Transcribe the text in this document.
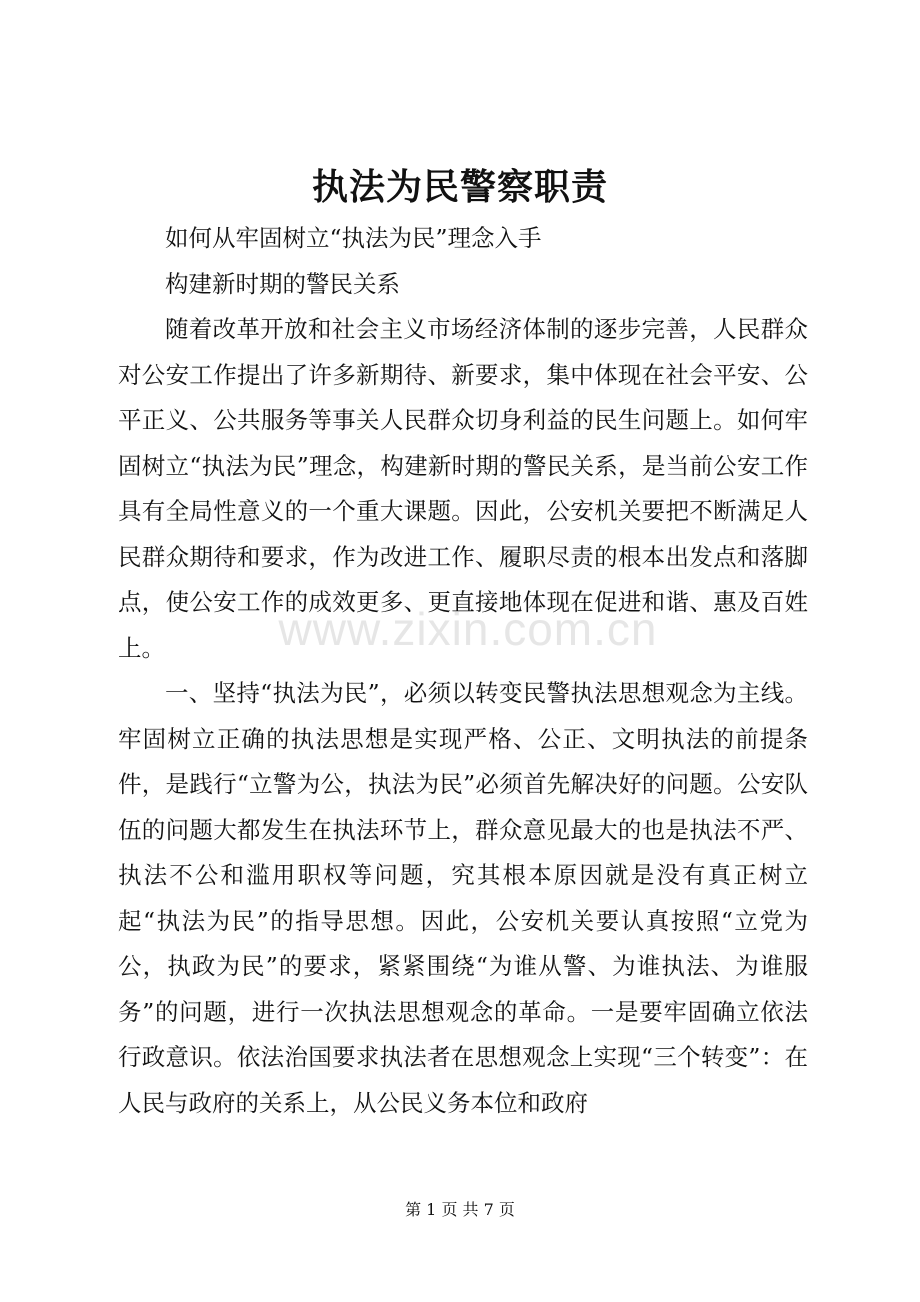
www.zixin.com.cn
执法为民警察职责

如何从牢固树立“执法为民”理念入手

构建新时期的警民关系

随着改革开放和社会主义市场经济体制的逐步完善，人民群众对公安工作提出了许多新期待、新要求，集中体现在社会平安、公平正义、公共服务等事关人民群众切身利益的民生问题上。如何牢固树立“执法为民”理念，构建新时期的警民关系，是当前公安工作具有全局性意义的一个重大课题。因此，公安机关要把不断满足人民群众期待和要求，作为改进工作、履职尽责的根本出发点和落脚点，使公安工作的成效更多、更直接地体现在促进和谐、惠及百姓上。

一、坚持“执法为民”，必须以转变民警执法思想观念为主线。牢固树立正确的执法思想是实现严格、公正、文明执法的前提条件，是践行“立警为公，执法为民”必须首先解决好的问题。公安队伍的问题大都发生在执法环节上，群众意见最大的也是执法不严、执法不公和滥用职权等问题，究其根本原因就是没有真正树立起“执法为民”的指导思想。因此，公安机关要认真按照“立党为公，执政为民”的要求，紧紧围绕“为谁从警、为谁执法、为谁服务”的问题，进行一次执法思想观念的革命。一是要牢固确立依法行政意识。依法治国要求执法者在思想观念上实现“三个转变”：在人民与政府的关系上，从公民义务本位和政府

第 1 页 共 7 页
